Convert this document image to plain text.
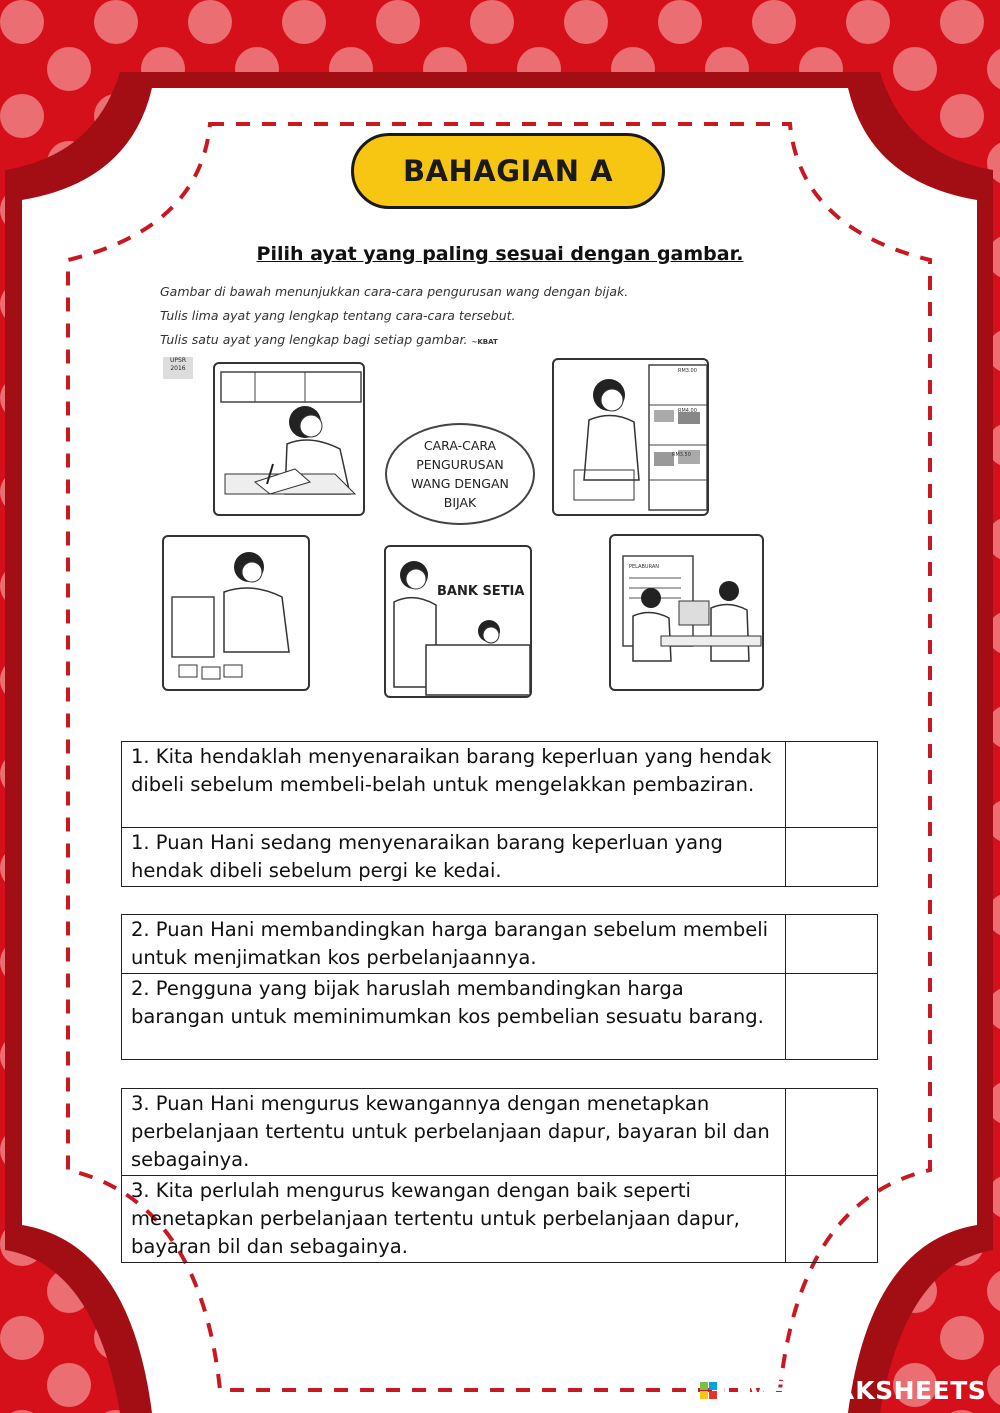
BAHAGIAN A
Pilih ayat yang paling sesuai dengan gambar.
Gambar di bawah menunjukkan cara-cara pengurusan wang dengan bijak.
Tulis lima ayat yang lengkap tentang cara-cara tersebut.
Tulis satu ayat yang lengkap bagi setiap gambar. ~KBAT
UPSR
2016
CARA-CARA
PENGURUSAN
WANG DENGAN
BIJAK
RM3.00
RM4.00
RM3.50
BANK SETIA
PELABURAN
1. Kita hendaklah menyenaraikan barang keperluan yang hendak dibeli sebelum membeli-belah untuk mengelakkan pembaziran.	
1. Puan Hani sedang menyenaraikan barang keperluan yang hendak dibeli sebelum pergi ke kedai.	
2. Puan Hani membandingkan harga barangan sebelum membeli untuk menjimatkan kos perbelanjaannya.	
2. Pengguna yang bijak haruslah membandingkan harga barangan untuk meminimumkan kos pembelian sesuatu barang.	
3. Puan Hani mengurus kewangannya dengan menetapkan perbelanjaan tertentu untuk perbelanjaan dapur, bayaran bil dan sebagainya.	
3. Kita perlulah mengurus kewangan dengan baik seperti menetapkan perbelanjaan tertentu untuk perbelanjaan dapur, bayaran bil dan sebagainya.	
LIVEWORKSHEETS
